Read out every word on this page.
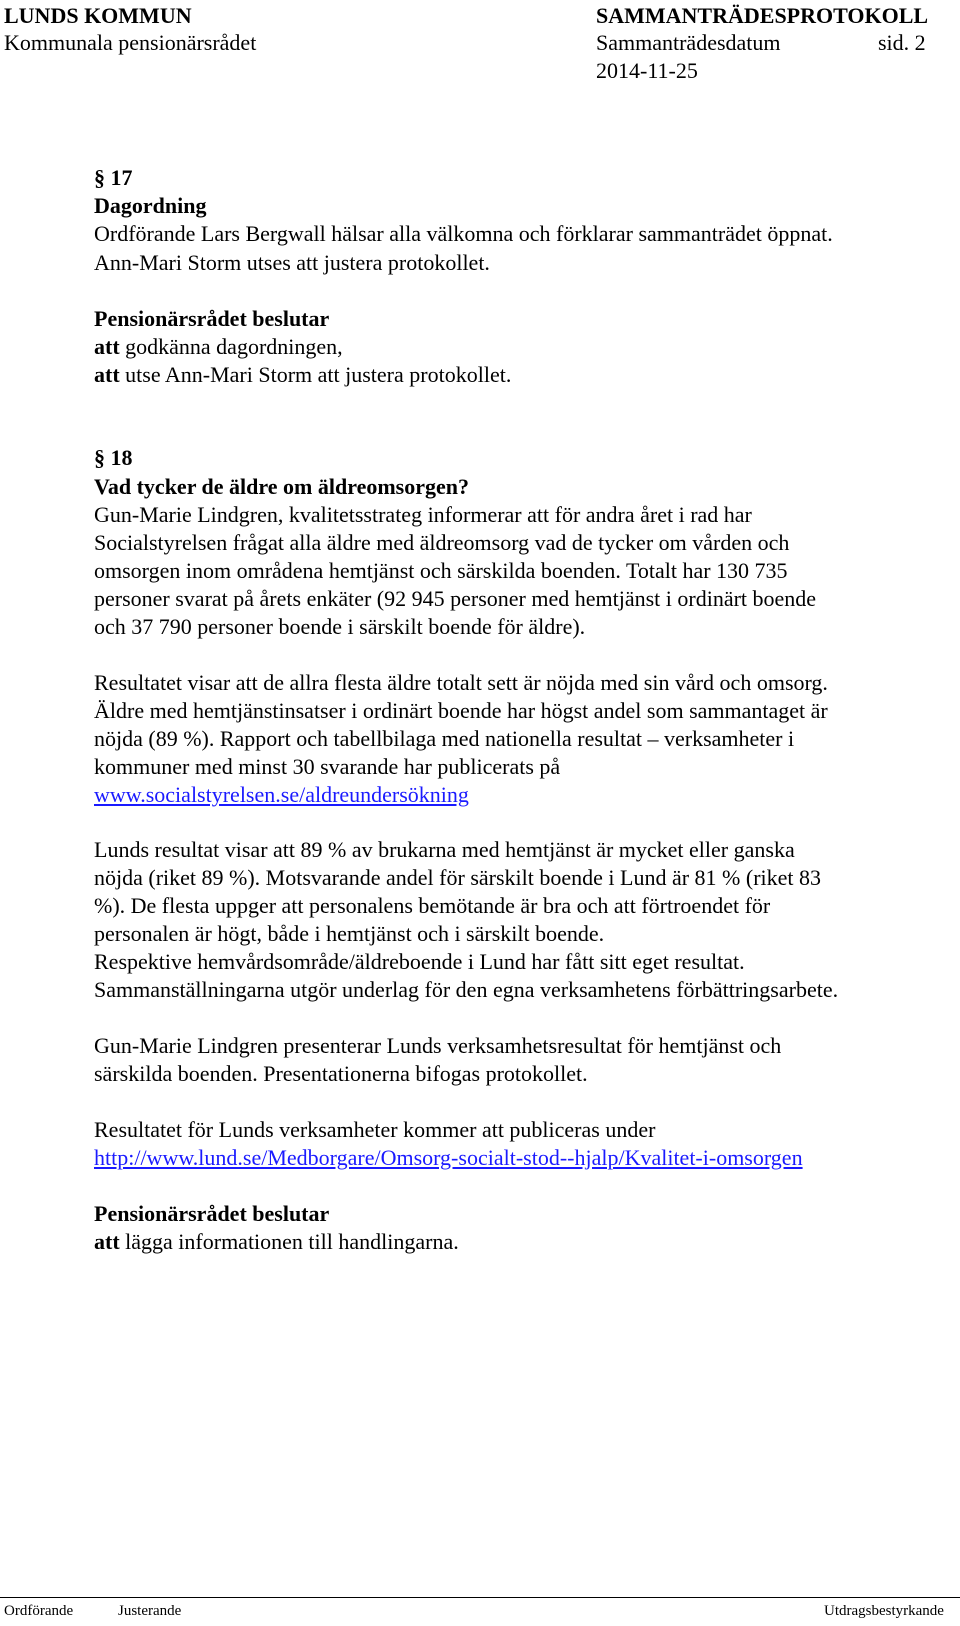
LUNDS KOMMUN	SAMMANTRÄDESPROTOKOLL
Kommunala pensionärsrådet	Sammanträdesdatum	sid. 2
2014-11-25
§ 17
Dagordning
Ordförande Lars Bergwall hälsar alla välkomna och förklarar sammanträdet öppnat.
Ann-Mari Storm utses att justera protokollet.
Pensionärsrådet beslutar
att godkänna dagordningen,
att utse Ann-Mari Storm att justera protokollet.
§ 18
Vad tycker de äldre om äldreomsorgen?
Gun-Marie Lindgren, kvalitetsstrateg informerar att för andra året i rad har
Socialstyrelsen frågat alla äldre med äldreomsorg vad de tycker om vården och
omsorgen inom områdena hemtjänst och särskilda boenden. Totalt har 130 735
personer svarat på årets enkäter (92 945 personer med hemtjänst i ordinärt boende
och 37 790 personer boende i särskilt boende för äldre).
Resultatet visar att de allra flesta äldre totalt sett är nöjda med sin vård och omsorg.
Äldre med hemtjänstinsatser i ordinärt boende har högst andel som sammantaget är
nöjda (89 %). Rapport och tabellbilaga med nationella resultat – verksamheter i
kommuner med minst 30 svarande har publicerats på
www.socialstyrelsen.se/aldreundersökning
Lunds resultat visar att 89 % av brukarna med hemtjänst är mycket eller ganska
nöjda (riket 89 %). Motsvarande andel för särskilt boende i Lund är 81 % (riket 83
%). De flesta uppger att personalens bemötande är bra och att förtroendet för
personalen är högt, både i hemtjänst och i särskilt boende.
Respektive hemvårdsområde/äldreboende i Lund har fått sitt eget resultat.
Sammanställningarna utgör underlag för den egna verksamhetens förbättringsarbete.
Gun-Marie Lindgren presenterar Lunds verksamhetsresultat för hemtjänst och
särskilda boenden. Presentationerna bifogas protokollet.
Resultatet för Lunds verksamheter kommer att publiceras under
http://www.lund.se/Medborgare/Omsorg-socialt-stod--hjalp/Kvalitet-i-omsorgen
Pensionärsrådet beslutar
att lägga informationen till handlingarna.
Ordförande	Justerande	Utdragsbestyrkande
